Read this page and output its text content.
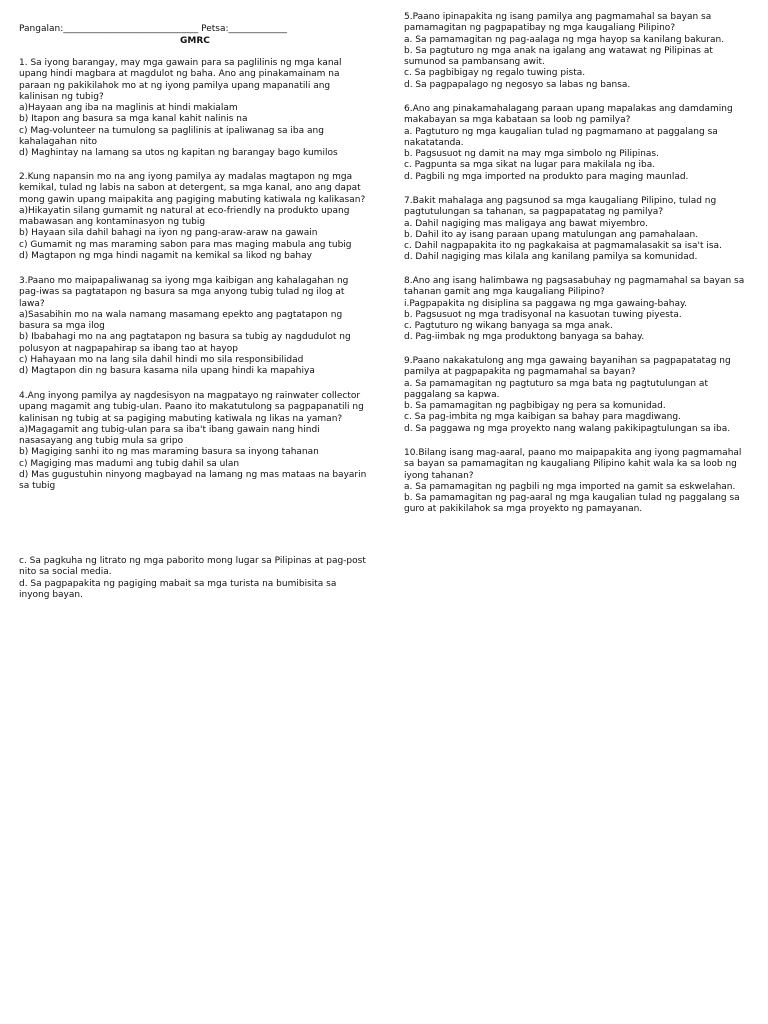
Pangalan:______________________________ Petsa:_____________
GMRC
1. Sa iyong barangay, may mga gawain para sa paglilinis ng mga kanal
upang hindi magbara at magdulot ng baha. Ano ang pinakamainam na
paraan ng pakikilahok mo at ng iyong pamilya upang mapanatili ang
kalinisan ng tubig?
a)Hayaan ang iba na maglinis at hindi makialam
b) Itapon ang basura sa mga kanal kahit nalinis na
c) Mag-volunteer na tumulong sa paglilinis at ipaliwanag sa iba ang
kahalagahan nito
d) Maghintay na lamang sa utos ng kapitan ng barangay bago kumilos
2.Kung napansin mo na ang iyong pamilya ay madalas magtapon ng mga
kemikal, tulad ng labis na sabon at detergent, sa mga kanal, ano ang dapat
mong gawin upang maipakita ang pagiging mabuting katiwala ng kalikasan?
a)Hikayatin silang gumamit ng natural at eco-friendly na produkto upang
mabawasan ang kontaminasyon ng tubig
b) Hayaan sila dahil bahagi na iyon ng pang-araw-araw na gawain
c) Gumamit ng mas maraming sabon para mas maging mabula ang tubig
d) Magtapon ng mga hindi nagamit na kemikal sa likod ng bahay
3.Paano mo maipapaliwanag sa iyong mga kaibigan ang kahalagahan ng
pag-iwas sa pagtatapon ng basura sa mga anyong tubig tulad ng ilog at
lawa?
a)Sasabihin mo na wala namang masamang epekto ang pagtatapon ng
basura sa mga ilog
b) Ibabahagi mo na ang pagtatapon ng basura sa tubig ay nagdudulot ng
polusyon at nagpapahirap sa ibang tao at hayop
c) Hahayaan mo na lang sila dahil hindi mo sila responsibilidad
d) Magtapon din ng basura kasama nila upang hindi ka mapahiya
4.Ang inyong pamilya ay nagdesisyon na magpatayo ng rainwater collector
upang magamit ang tubig-ulan. Paano ito makatutulong sa pagpapanatili ng
kalinisan ng tubig at sa pagiging mabuting katiwala ng likas na yaman?
a)Magagamit ang tubig-ulan para sa iba't ibang gawain nang hindi
nasasayang ang tubig mula sa gripo
b) Magiging sanhi ito ng mas maraming basura sa inyong tahanan
c) Magiging mas madumi ang tubig dahil sa ulan
d) Mas gugustuhin ninyong magbayad na lamang ng mas mataas na bayarin
sa tubig
c. Sa pagkuha ng litrato ng mga paborito mong lugar sa Pilipinas at pag-post
nito sa social media.
d. Sa pagpapakita ng pagiging mabait sa mga turista na bumibisita sa
inyong bayan.
5.Paano ipinapakita ng isang pamilya ang pagmamahal sa bayan sa
pamamagitan ng pagpapatibay ng mga kaugaliang Pilipino?
a. Sa pamamagitan ng pag-aalaga ng mga hayop sa kanilang bakuran.
b. Sa pagtuturo ng mga anak na igalang ang watawat ng Pilipinas at
sumunod sa pambansang awit.
c. Sa pagbibigay ng regalo tuwing pista.
d. Sa pagpapalago ng negosyo sa labas ng bansa.
6.Ano ang pinakamahalagang paraan upang mapalakas ang damdaming
makabayan sa mga kabataan sa loob ng pamilya?
a. Pagtuturo ng mga kaugalian tulad ng pagmamano at paggalang sa
nakatatanda.
b. Pagsusuot ng damit na may mga simbolo ng Pilipinas.
c. Pagpunta sa mga sikat na lugar para makilala ng iba.
d. Pagbili ng mga imported na produkto para maging maunlad.
7.Bakit mahalaga ang pagsunod sa mga kaugaliang Pilipino, tulad ng
pagtutulungan sa tahanan, sa pagpapatatag ng pamilya?
a. Dahil nagiging mas maligaya ang bawat miyembro.
b. Dahil ito ay isang paraan upang matulungan ang pamahalaan.
c. Dahil nagpapakita ito ng pagkakaisa at pagmamalasakit sa isa't isa.
d. Dahil nagiging mas kilala ang kanilang pamilya sa komunidad.
8.Ano ang isang halimbawa ng pagsasabuhay ng pagmamahal sa bayan sa
tahanan gamit ang mga kaugaliang Pilipino?
i.Pagpapakita ng disiplina sa paggawa ng mga gawaing-bahay.
b. Pagsusuot ng mga tradisyonal na kasuotan tuwing piyesta.
c. Pagtuturo ng wikang banyaga sa mga anak.
d. Pag-iimbak ng mga produktong banyaga sa bahay.
9.Paano nakakatulong ang mga gawaing bayanihan sa pagpapatatag ng
pamilya at pagpapakita ng pagmamahal sa bayan?
a. Sa pamamagitan ng pagtuturo sa mga bata ng pagtutulungan at
paggalang sa kapwa.
b. Sa pamamagitan ng pagbibigay ng pera sa komunidad.
c. Sa pag-imbita ng mga kaibigan sa bahay para magdiwang.
d. Sa paggawa ng mga proyekto nang walang pakikipagtulungan sa iba.
10.Bilang isang mag-aaral, paano mo maipapakita ang iyong pagmamahal
sa bayan sa pamamagitan ng kaugaliang Pilipino kahit wala ka sa loob ng
iyong tahanan?
a. Sa pamamagitan ng pagbili ng mga imported na gamit sa eskwelahan.
b. Sa pamamagitan ng pag-aaral ng mga kaugalian tulad ng paggalang sa
guro at pakikilahok sa mga proyekto ng pamayanan.
